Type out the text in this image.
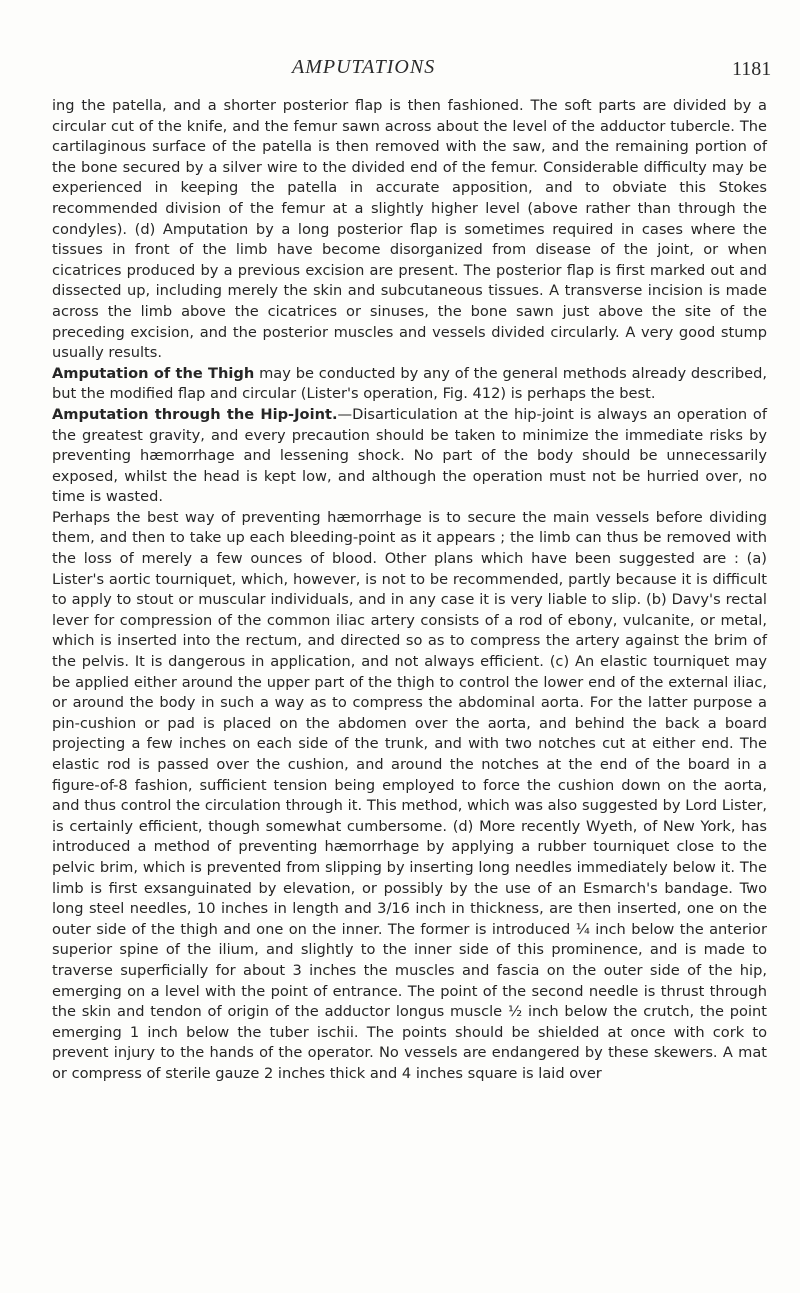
AMPUTATIONS	1181

ing the patella, and a shorter posterior flap is then fashioned. The soft parts are divided by a circular cut of the knife, and the femur sawn across about the level of the adductor tubercle. The cartilaginous surface of the patella is then removed with the saw, and the remaining portion of the bone secured by a silver wire to the divided end of the femur. Considerable difficulty may be experienced in keeping the patella in accurate apposition, and to obviate this Stokes recommended division of the femur at a slightly higher level (above rather than through the condyles). (d) Amputation by a long posterior flap is sometimes required in cases where the tissues in front of the limb have become disorganized from disease of the joint, or when cicatrices produced by a previous excision are present. The posterior flap is first marked out and dissected up, including merely the skin and subcutaneous tissues. A transverse incision is made across the limb above the cicatrices or sinuses, the bone sawn just above the site of the preceding excision, and the posterior muscles and vessels divided circularly. A very good stump usually results.

Amputation of the Thigh may be conducted by any of the general methods already described, but the modified flap and circular (Lister's operation, Fig. 412) is perhaps the best.

Amputation through the Hip-Joint.—Disarticulation at the hip-joint is always an operation of the greatest gravity, and every precaution should be taken to minimize the immediate risks by preventing hæmorrhage and lessening shock. No part of the body should be unnecessarily exposed, whilst the head is kept low, and although the operation must not be hurried over, no time is wasted.

Perhaps the best way of preventing hæmorrhage is to secure the main vessels before dividing them, and then to take up each bleeding-point as it appears ; the limb can thus be removed with the loss of merely a few ounces of blood. Other plans which have been suggested are : (a) Lister's aortic tourniquet, which, however, is not to be recommended, partly because it is difficult to apply to stout or muscular individuals, and in any case it is very liable to slip. (b) Davy's rectal lever for compression of the common iliac artery consists of a rod of ebony, vulcanite, or metal, which is inserted into the rectum, and directed so as to compress the artery against the brim of the pelvis. It is dangerous in application, and not always efficient. (c) An elastic tourniquet may be applied either around the upper part of the thigh to control the lower end of the external iliac, or around the body in such a way as to compress the abdominal aorta. For the latter purpose a pin-cushion or pad is placed on the abdomen over the aorta, and behind the back a board projecting a few inches on each side of the trunk, and with two notches cut at either end. The elastic rod is passed over the cushion, and around the notches at the end of the board in a figure-of-8 fashion, sufficient tension being employed to force the cushion down on the aorta, and thus control the circulation through it. This method, which was also suggested by Lord Lister, is certainly efficient, though somewhat cumbersome. (d) More recently Wyeth, of New York, has introduced a method of preventing hæmorrhage by applying a rubber tourniquet close to the pelvic brim, which is prevented from slipping by inserting long needles immediately below it. The limb is first exsanguinated by elevation, or possibly by the use of an Esmarch's bandage. Two long steel needles, 10 inches in length and 3/16 inch in thickness, are then inserted, one on the outer side of the thigh and one on the inner. The former is introduced ¼ inch below the anterior superior spine of the ilium, and slightly to the inner side of this prominence, and is made to traverse superficially for about 3 inches the muscles and fascia on the outer side of the hip, emerging on a level with the point of entrance. The point of the second needle is thrust through the skin and tendon of origin of the adductor longus muscle ½ inch below the crutch, the point emerging 1 inch below the tuber ischii. The points should be shielded at once with cork to prevent injury to the hands of the operator. No vessels are endangered by these skewers. A mat or compress of sterile gauze 2 inches thick and 4 inches square is laid over
